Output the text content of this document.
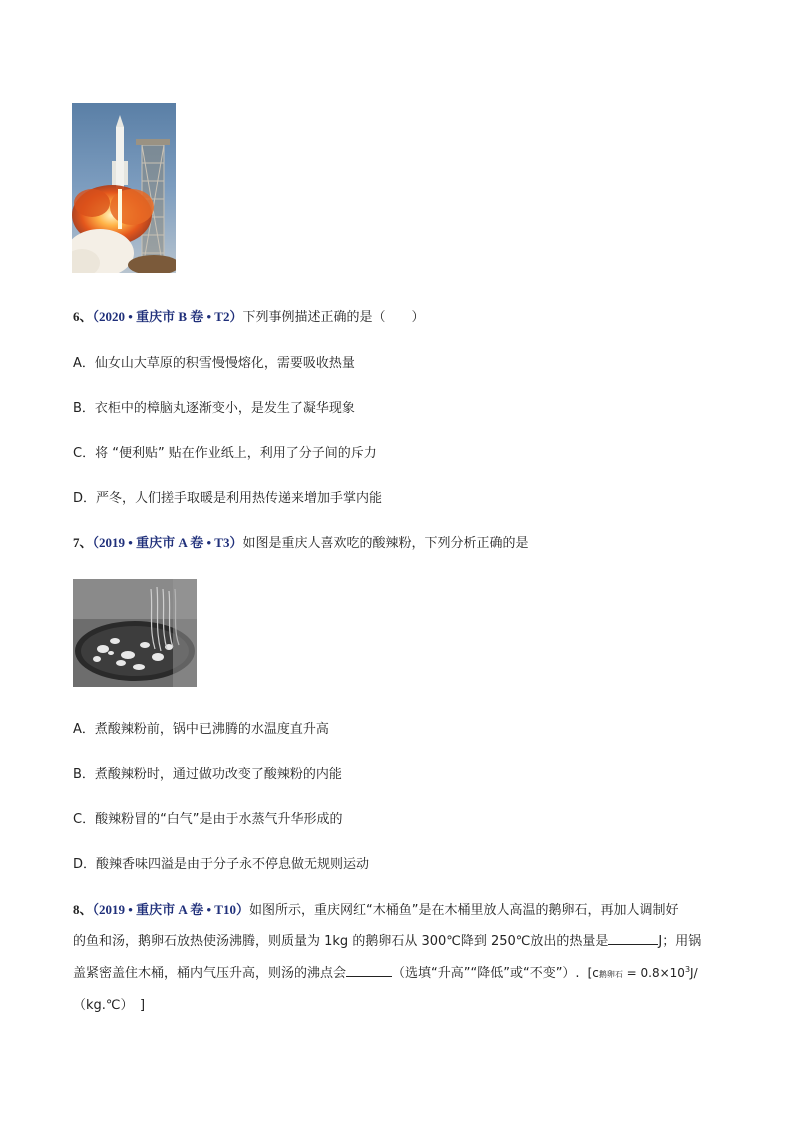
6、（2020 • 重庆市 B 卷 • T2）下列事例描述正确的是（　　）
A．仙女山大草原的积雪慢慢熔化，需要吸收热量
B．衣柜中的樟脑丸逐渐变小，是发生了凝华现象
C．将 “便利贴” 贴在作业纸上，利用了分子间的斥力
D．严冬，人们搓手取暖是利用热传递来增加手掌内能
7、（2019 • 重庆市 A 卷 • T3）如图是重庆人喜欢吃的酸辣粉，下列分析正确的是
A．煮酸辣粉前，锅中已沸腾的水温度直升高
B．煮酸辣粉时，通过做功改变了酸辣粉的内能
C．酸辣粉冒的“白气”是由于水蒸气升华形成的
D．酸辣香味四溢是由于分子永不停息做无规则运动
8、（2019 • 重庆市 A 卷 • T10）如图所示，重庆网红“木桶鱼”是在木桶里放人高温的鹅卵石，再加人调制好
的鱼和汤，鹅卵石放热使汤沸腾，则质量为 1kg 的鹅卵石从 300℃降到 250℃放出的热量是	J；用锅
盖紧密盖住木桶，桶内气压升高，则汤的沸点会	（选填“升高”“降低”或“不变”）. [c鹅卵石 = $0.8\times 10^3J/$
（kg.℃）　]
